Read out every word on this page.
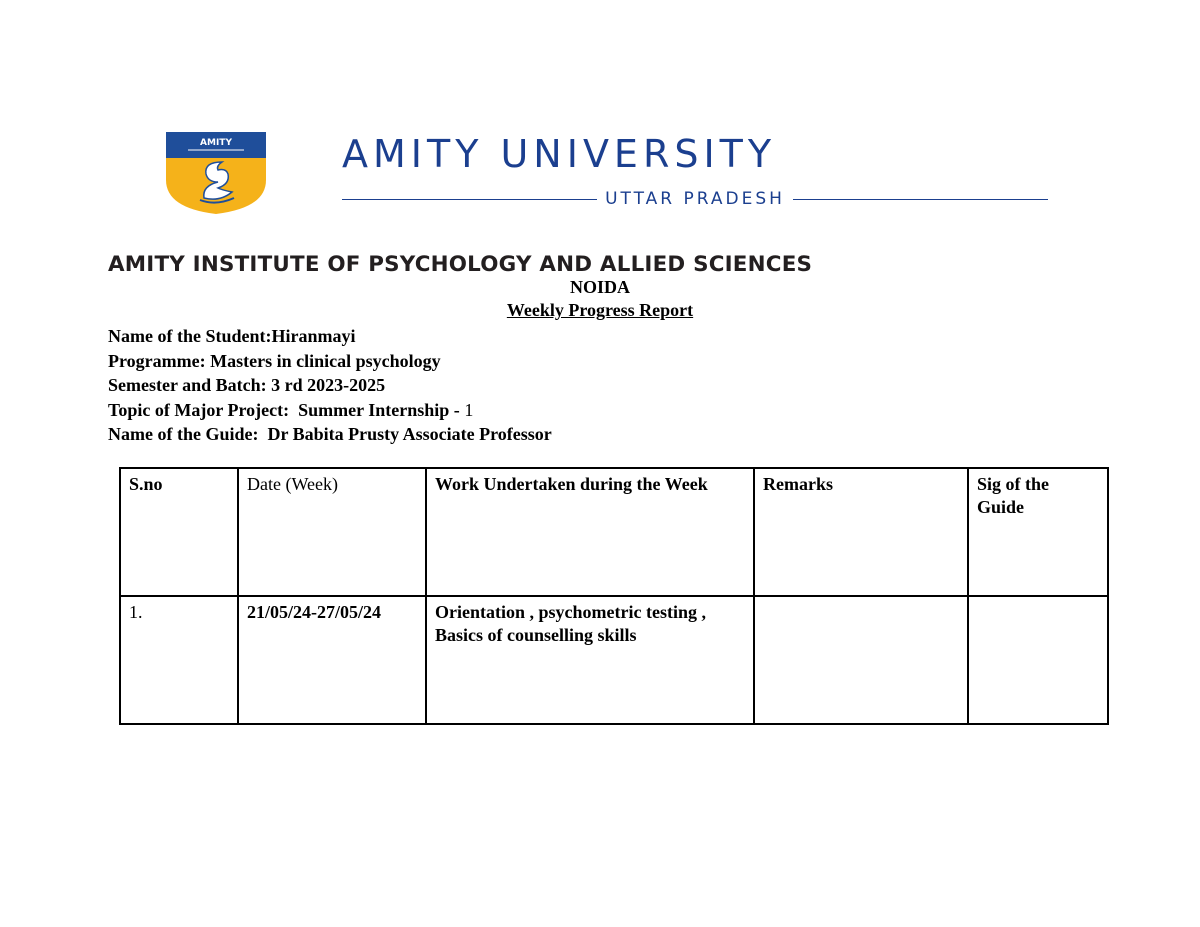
AMITY	AMITY UNIVERSITY
UTTAR PRADESH
AMITY INSTITUTE OF PSYCHOLOGY AND ALLIED SCIENCES
NOIDA
Weekly Progress Report
Name of the Student:Hiranmayi
Programme: Masters in clinical psychology
Semester and Batch: 3 rd 2023-2025
Topic of Major Project:  Summer Internship - 1
Name of the Guide:  Dr Babita Prusty Associate Professor
S.no	Date (Week)	Work Undertaken during the Week	Remarks	Sig of the Guide
1.	21/05/24-27/05/24	Orientation , psychometric testing , Basics of counselling skills		
